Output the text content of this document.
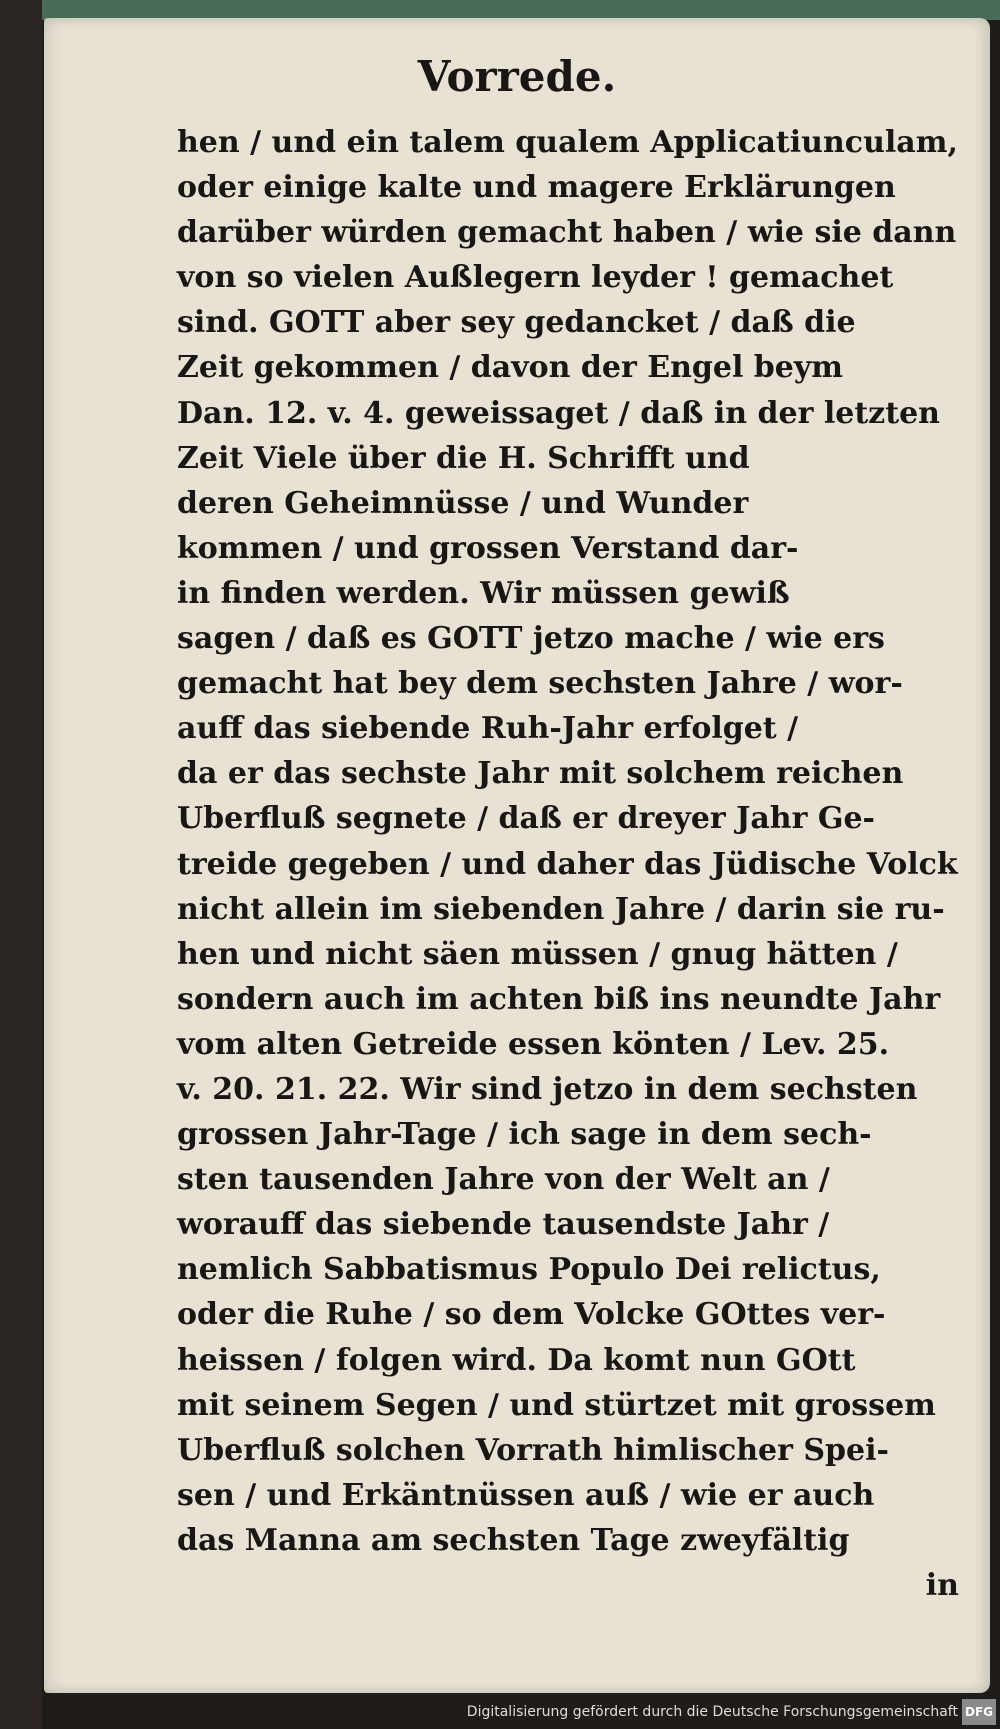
Vorrede.
hen / und ein talem qualem Applicatiunculam,
oder einige kalte und magere Erklärungen
darüber würden gemacht haben / wie sie dann
von so vielen Außlegern leyder ! gemachet
sind. GOTT aber sey gedancket / daß die
Zeit gekommen / davon der Engel beym
Dan. 12. v. 4. geweissaget / daß in der letzten
Zeit Viele über die H. Schrifft und
deren Geheimnüsse / und Wunder
kommen / und grossen Verstand dar-
in finden werden. Wir müssen gewiß
sagen / daß es GOTT jetzo mache / wie ers
gemacht hat bey dem sechsten Jahre / wor-
auff das siebende Ruh-Jahr erfolget /
da er das sechste Jahr mit solchem reichen
Uberfluß segnete / daß er dreyer Jahr Ge-
treide gegeben / und daher das Jüdische Volck
nicht allein im siebenden Jahre / darin sie ru-
hen und nicht säen müssen / gnug hätten /
sondern auch im achten biß ins neundte Jahr
vom alten Getreide essen könten / Lev. 25.
v. 20. 21. 22. Wir sind jetzo in dem sechsten
grossen Jahr-Tage / ich sage in dem sech-
sten tausenden Jahre von der Welt an /
worauff das siebende tausendste Jahr /
nemlich Sabbatismus Populo Dei relictus,
oder die Ruhe / so dem Volcke GOttes ver-
heissen / folgen wird. Da komt nun GOtt
mit seinem Segen / und stürtzet mit grossem
Uberfluß solchen Vorrath himlischer Spei-
sen / und Erkäntnüssen auß / wie er auch
das Manna am sechsten Tage zweyfältig
in
Digitalisierung gefördert durch die Deutsche Forschungsgemeinschaft DFG
